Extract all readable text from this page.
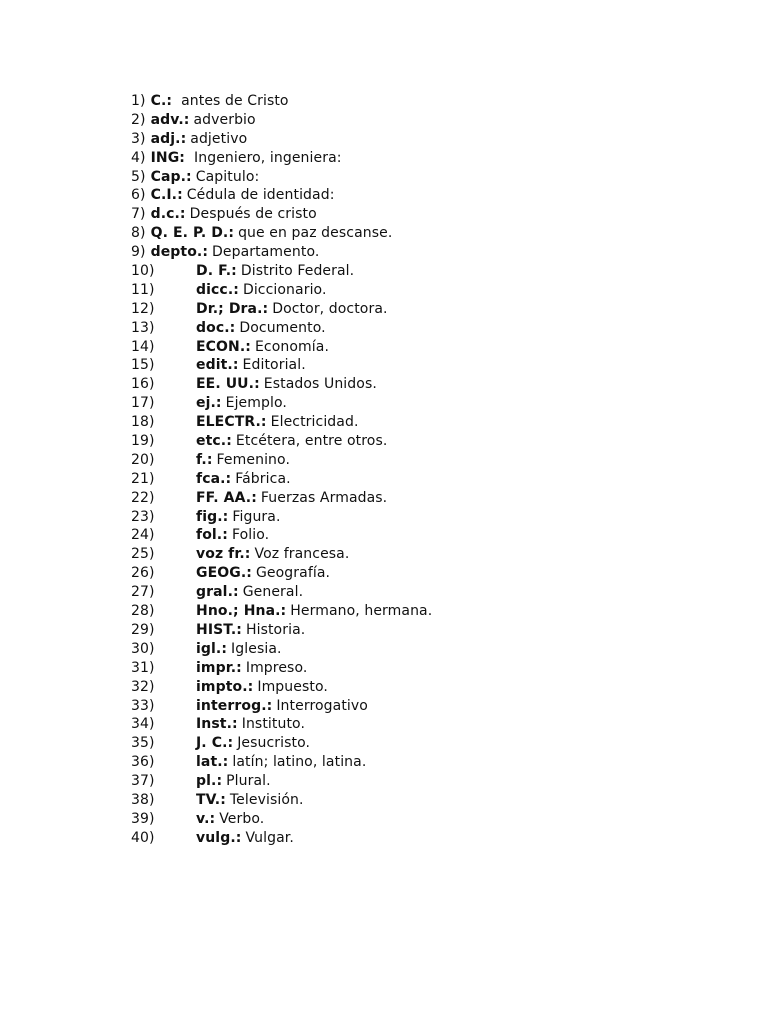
1) C.: antes de Cristo
2) adv.: adverbio
3) adj.: adjetivo
4) ING: Ingeniero, ingeniera:
5) Cap.: Capitulo:
6) C.I.: Cédula de identidad:
7) d.c.: Después de cristo
8) Q. E. P. D.: que en paz descanse.
9) depto.: Departamento.
10)	D. F.: Distrito Federal.
11)	dicc.: Diccionario.
12)	Dr.; Dra.: Doctor, doctora.
13)	doc.: Documento.
14)	ECON.: Economía.
15)	edit.: Editorial.
16)	EE. UU.: Estados Unidos.
17)	ej.: Ejemplo.
18)	ELECTR.: Electricidad.
19)	etc.: Etcétera, entre otros.
20)	f.: Femenino.
21)	fca.: Fábrica.
22)	FF. AA.: Fuerzas Armadas.
23)	fig.: Figura.
24)	fol.: Folio.
25)	voz fr.: Voz francesa.
26)	GEOG.: Geografía.
27)	gral.: General.
28)	Hno.; Hna.: Hermano, hermana.
29)	HIST.: Historia.
30)	igl.: Iglesia.
31)	impr.: Impreso.
32)	impto.: Impuesto.
33)	interrog.: Interrogativo
34)	Inst.: Instituto.
35)	J. C.: Jesucristo.
36)	lat.: latín; latino, latina.
37)	pl.: Plural.
38)	TV.: Televisión.
39)	v.: Verbo.
40)	vulg.: Vulgar.
